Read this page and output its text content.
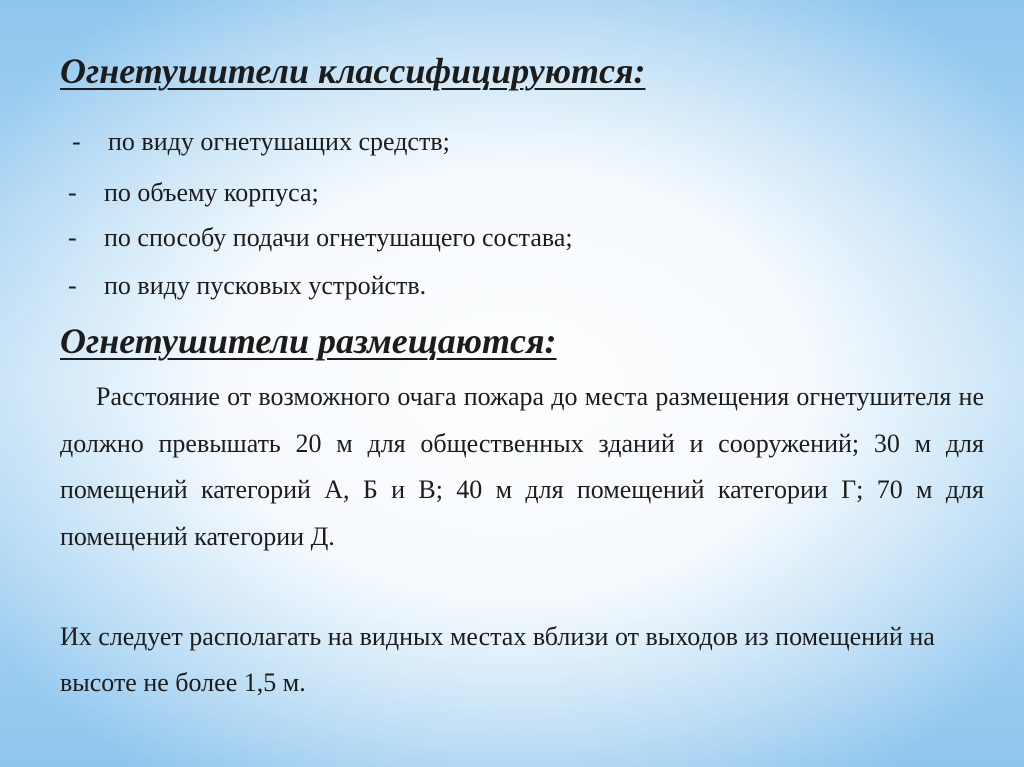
Огнетушители классифицируются:
- по виду огнетушащих средств;
- по объему корпуса;
- по способу подачи огнетушащего состава;
- по виду пусковых устройств.
Огнетушители размещаются:

Расстояние от возможного очага пожара до места размещения огнетушителя не должно превышать 20 м для общественных зданий и сооружений; 30 м для помещений категорий А, Б и В; 40 м для помещений категории Г; 70 м для помещений категории Д.

Их следует располагать на видных местах вблизи от выходов из помещений на высоте не более 1,5 м.
